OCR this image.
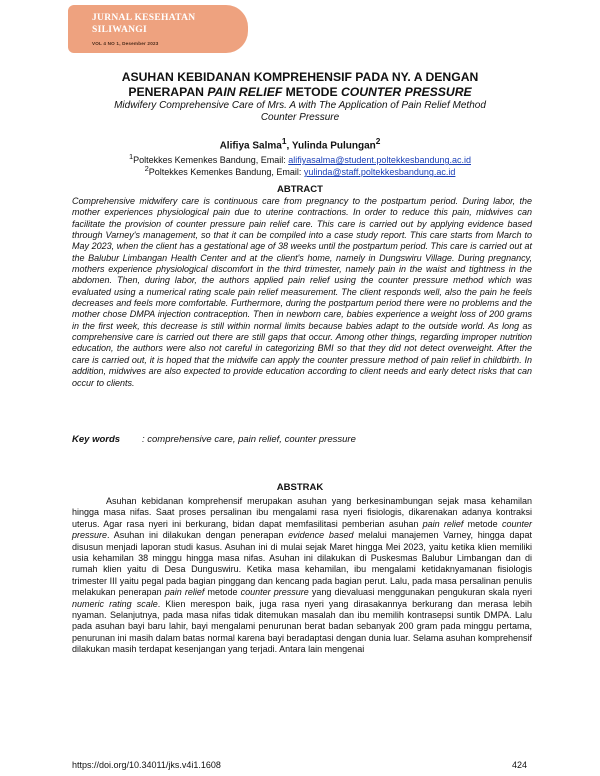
JURNAL KESEHATAN
SILIWANGI
VOL 4 NO 1, Desember 2023
ASUHAN KEBIDANAN KOMPREHENSIF PADA NY. A DENGAN
PENERAPAN PAIN RELIEF METODE COUNTER PRESSURE
Midwifery Comprehensive Care of Mrs. A with The Application of Pain Relief Method
Counter Pressure
Alifiya Salma$^1$, Yulinda Pulungan$^2$
$^1$Poltekkes Kemenkes Bandung, Email: alifiyasalma@student.poltekkesbandung.ac.id
$^2$Poltekkes Kemenkes Bandung, Email: yulinda@staff.poltekkesbandung.ac.id
ABTRACT
Comprehensive midwifery care is continuous care from pregnancy to the postpartum period. During labor, the mother experiences physiological pain due to uterine contractions. In order to reduce this pain, midwives can facilitate the provision of counter pressure pain relief care. This care is carried out by applying evidence based through Varney's management, so that it can be compiled into a case study report. This care starts from March to May 2023, when the client has a gestational age of 38 weeks until the postpartum period. This care is carried out at the Balubur Limbangan Health Center and at the client's home, namely in Dungswiru Village. During pregnancy, mothers experience physiological discomfort in the third trimester, namely pain in the waist and tightness in the abdomen. Then, during labor, the authors applied pain relief using the counter pressure method which was evaluated using a numerical rating scale pain relief measurement. The client responds well, also the pain he feels decreases and feels more comfortable. Furthermore, during the postpartum period there were no problems and the mother chose DMPA injection contraception. Then in newborn care, babies experience a weight loss of 200 grams in the first week, this decrease is still within normal limits because babies adapt to the outside world. As long as comprehensive care is carried out there are still gaps that occur. Among other things, regarding improper nutrition education, the authors were also not careful in categorizing BMI so that they did not detect overweight. After the care is carried out, it is hoped that the midwife can apply the counter pressure method of pain relief in childbirth. In addition, midwives are also expected to provide education according to client needs and early detect risks that can occur to clients.
Key words : comprehensive care, pain relief, counter pressure
ABSTRAK
Asuhan kebidanan komprehensif merupakan asuhan yang berkesinambungan sejak masa kehamilan hingga masa nifas. Saat proses persalinan ibu mengalami rasa nyeri fisiologis, dikarenakan adanya kontraksi uterus. Agar rasa nyeri ini berkurang, bidan dapat memfasilitasi pemberian asuhan pain relief metode counter pressure. Asuhan ini dilakukan dengan penerapan evidence based melalui manajemen Varney, hingga dapat disusun menjadi laporan studi kasus. Asuhan ini di mulai sejak Maret hingga Mei 2023, yaitu ketika klien memiliki usia kehamilan 38 minggu hingga masa nifas. Asuhan ini dilakukan di Puskesmas Balubur Limbangan dan di rumah klien yaitu di Desa Dunguswiru. Ketika masa kehamilan, ibu mengalami ketidaknyamanan fisiologis trimester III yaitu pegal pada bagian pinggang dan kencang pada bagian perut. Lalu, pada masa persalinan penulis melakukan penerapan pain relief metode counter pressure yang dievaluasi menggunakan pengukuran skala nyeri numeric rating scale. Klien merespon baik, juga rasa nyeri yang dirasakannya berkurang dan merasa lebih nyaman. Selanjutnya, pada masa nifas tidak ditemukan masalah dan ibu memilih kontrasepsi suntik DMPA. Lalu pada asuhan bayi baru lahir, bayi mengalami penurunan berat badan sebanyak 200 gram pada minggu pertama, penurunan ini masih dalam batas normal karena bayi beradaptasi dengan dunia luar. Selama asuhan komprehensif dilakukan masih terdapat kesenjangan yang terjadi. Antara lain mengenai
https://doi.org/10.34011/jks.v4i1.1608	424
